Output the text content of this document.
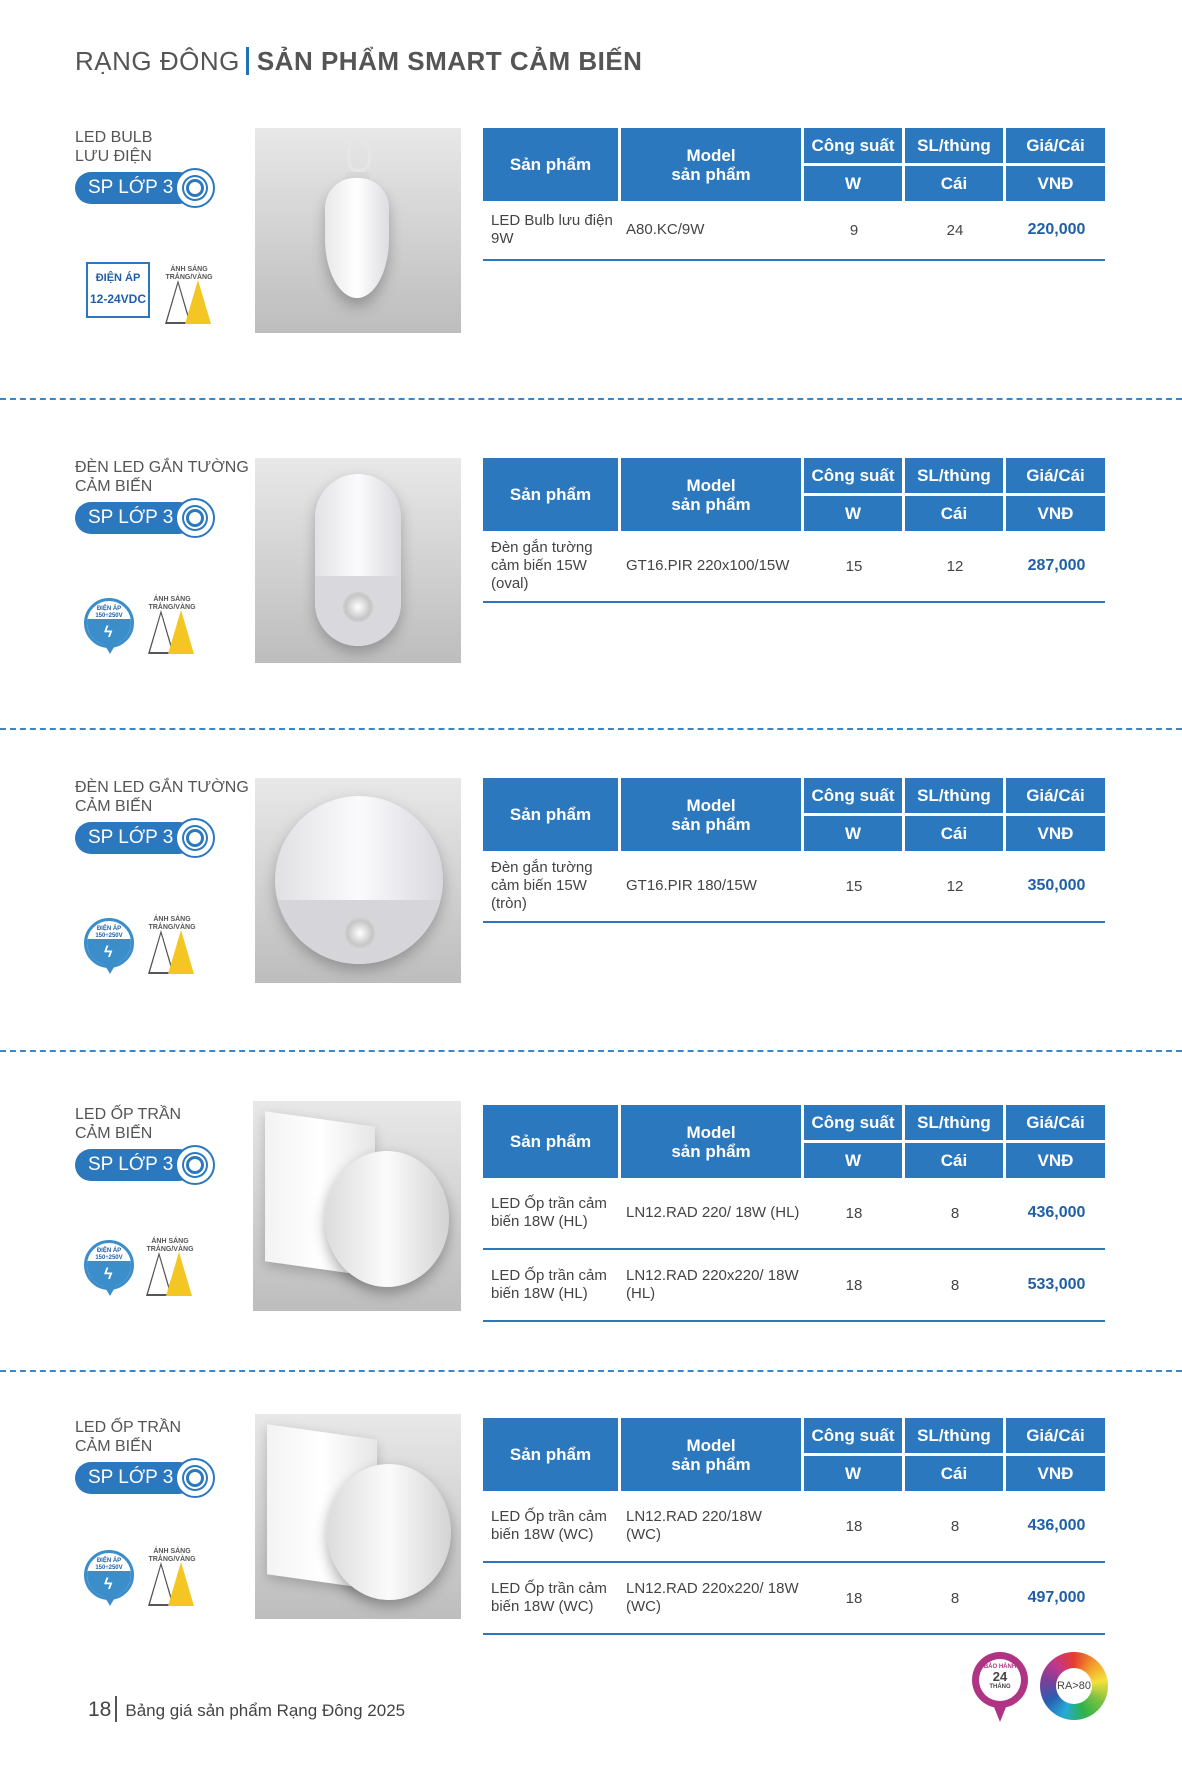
RẠNG ĐÔNG SẢN PHẨM SMART CẢM BIẾN
LED BULB
LƯU ĐIỆN
SP LỚP 3
ĐIỆN ÁP
12-24VDC
ÁNH SÁNG
TRẮNG/VÀNG
Sản phẩm	Model
sản phẩm
Công suất	SL/thùng	Giá/Cái
W	Cái	VNĐ
LED Bulb lưu điện 9W
A80.KC/9W	9	24	220,000
ĐÈN LED GẮN TƯỜNG
CẢM BIẾN
SP LỚP 3
ĐIỆN ÁP
150÷250V
ϟ
ÁNH SÁNG
TRẮNG/VÀNG
Sản phẩm	Model
sản phẩm
Công suất	SL/thùng	Giá/Cái
W	Cái	VNĐ
Đèn gắn tường cảm biến 15W (oval)
GT16.PIR 220x100/15W	15	12	287,000
ĐÈN LED GẮN TƯỜNG
CẢM BIẾN
SP LỚP 3
ĐIỆN ÁP
150÷250V
ϟ
ÁNH SÁNG
TRẮNG/VÀNG
Sản phẩm	Model
sản phẩm
Công suất	SL/thùng	Giá/Cái
W	Cái	VNĐ
Đèn gắn tường cảm biến 15W (tròn)
GT16.PIR 180/15W	15	12	350,000
LED ỐP TRẦN
CẢM BIẾN
SP LỚP 3
ĐIỆN ÁP
150÷250V
ϟ
ÁNH SÁNG
TRẮNG/VÀNG
Sản phẩm	Model
sản phẩm
Công suất	SL/thùng	Giá/Cái
W	Cái	VNĐ
LED Ốp trần cảm biến 18W (HL)
LN12.RAD 220/ 18W (HL)	18	8	436,000
LED Ốp trần cảm biến 18W (HL)
LN12.RAD 220x220/ 18W (HL)	18	8	533,000
LED ỐP TRẦN
CẢM BIẾN
SP LỚP 3
ĐIỆN ÁP
150÷250V
ϟ
ÁNH SÁNG
TRẮNG/VÀNG
Sản phẩm	Model
sản phẩm
Công suất	SL/thùng	Giá/Cái
W	Cái	VNĐ
LED Ốp trần cảm biến 18W (WC)
LN12.RAD 220/18W (WC)	18	8	436,000
LED Ốp trần cảm biến 18W (WC)
LN12.RAD 220x220/ 18W (WC)	18	8	497,000
18 Bảng giá sản phẩm Rạng Đông 2025
BẢO HÀNH
24
THÁNG	RA>80
